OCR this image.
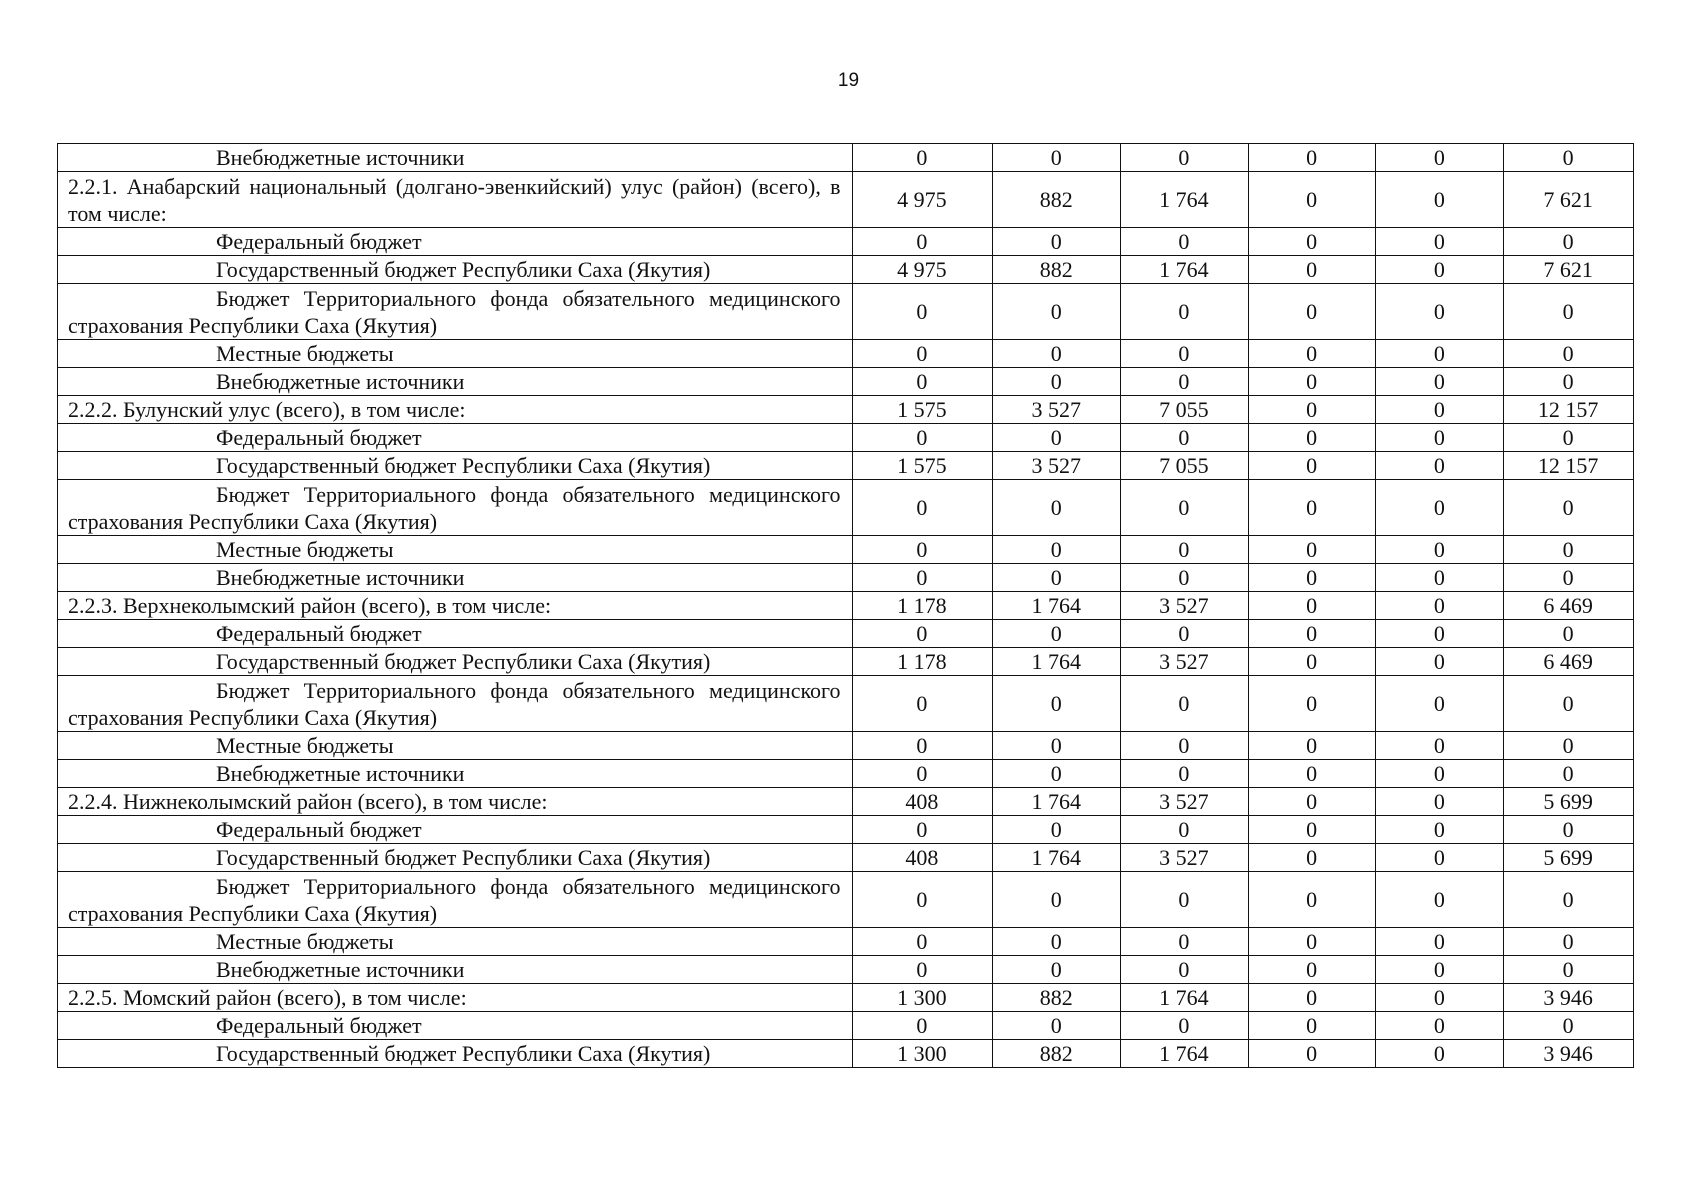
19
Внебюджетные источники	0	0	0	0	0	0
2.2.1. Анабарский национальный (долгано-эвенкийский) улус (район) (всего), в том числе:	4 975	882	1 764	0	0	7 621
Федеральный бюджет	0	0	0	0	0	0
Государственный бюджет Республики Саха (Якутия)	4 975	882	1 764	0	0	7 621
Бюджет Территориального фонда обязательного медицинского страхования Республики Саха (Якутия)	0	0	0	0	0	0
Местные бюджеты	0	0	0	0	0	0
Внебюджетные источники	0	0	0	0	0	0
2.2.2. Булунский улус (всего), в том числе:	1 575	3 527	7 055	0	0	12 157
Федеральный бюджет	0	0	0	0	0	0
Государственный бюджет Республики Саха (Якутия)	1 575	3 527	7 055	0	0	12 157
Бюджет Территориального фонда обязательного медицинского страхования Республики Саха (Якутия)	0	0	0	0	0	0
Местные бюджеты	0	0	0	0	0	0
Внебюджетные источники	0	0	0	0	0	0
2.2.3. Верхнеколымский район (всего), в том числе:	1 178	1 764	3 527	0	0	6 469
Федеральный бюджет	0	0	0	0	0	0
Государственный бюджет Республики Саха (Якутия)	1 178	1 764	3 527	0	0	6 469
Бюджет Территориального фонда обязательного медицинского страхования Республики Саха (Якутия)	0	0	0	0	0	0
Местные бюджеты	0	0	0	0	0	0
Внебюджетные источники	0	0	0	0	0	0
2.2.4. Нижнеколымский район (всего), в том числе:	408	1 764	3 527	0	0	5 699
Федеральный бюджет	0	0	0	0	0	0
Государственный бюджет Республики Саха (Якутия)	408	1 764	3 527	0	0	5 699
Бюджет Территориального фонда обязательного медицинского страхования Республики Саха (Якутия)	0	0	0	0	0	0
Местные бюджеты	0	0	0	0	0	0
Внебюджетные источники	0	0	0	0	0	0
2.2.5. Момский район (всего), в том числе:	1 300	882	1 764	0	0	3 946
Федеральный бюджет	0	0	0	0	0	0
Государственный бюджет Республики Саха (Якутия)	1 300	882	1 764	0	0	3 946
